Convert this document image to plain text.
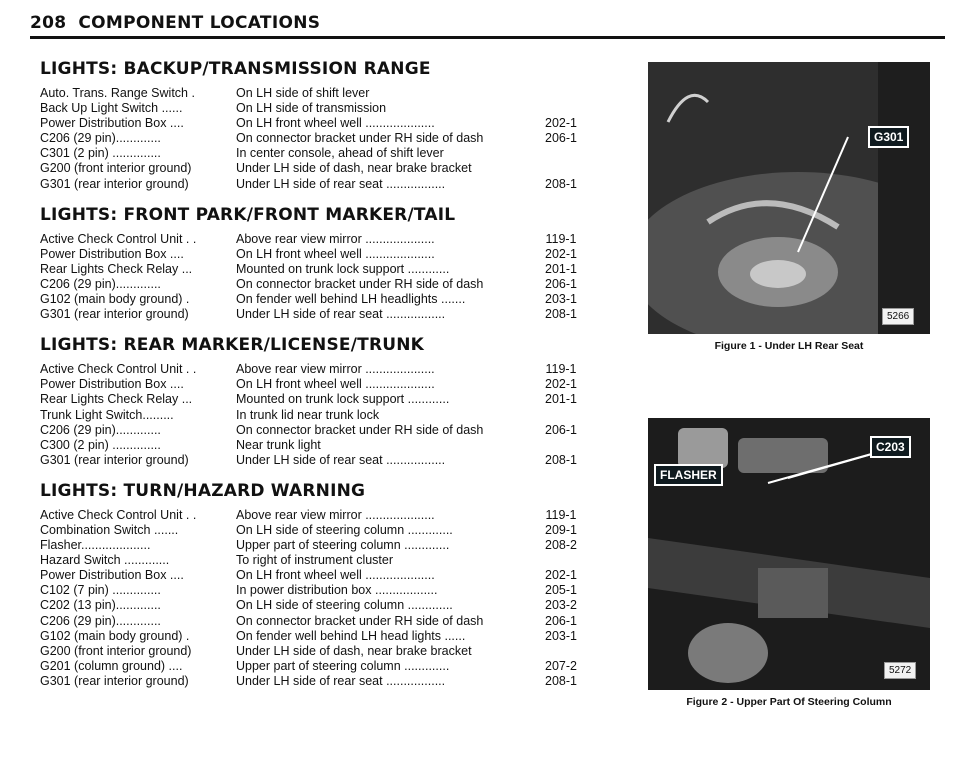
208 COMPONENT LOCATIONS
LIGHTS: BACKUP/TRANSMISSION RANGE
Auto. Trans. Range Switch .	On LH side of shift lever
Back Up Light Switch ......	On LH side of transmission
Power Distribution Box ....	On LH front wheel well ....................	202-1
C206 (29 pin).............	On connector bracket under RH side of dash	206-1
C301 (2 pin) ..............	In center console, ahead of shift lever
G200 (front interior ground)	Under LH side of dash, near brake bracket
G301 (rear interior ground)	Under LH side of rear seat .................	208-1
LIGHTS: FRONT PARK/FRONT MARKER/TAIL
Active Check Control Unit . .	Above rear view mirror ....................	119-1
Power Distribution Box ....	On LH front wheel well ....................	202-1
Rear Lights Check Relay ...	Mounted on trunk lock support ............	201-1
C206 (29 pin).............	On connector bracket under RH side of dash	206-1
G102 (main body ground) .	On fender well behind LH headlights .......	203-1
G301 (rear interior ground)	Under LH side of rear seat .................	208-1
LIGHTS: REAR MARKER/LICENSE/TRUNK
Active Check Control Unit . .	Above rear view mirror ....................	119-1
Power Distribution Box ....	On LH front wheel well ....................	202-1
Rear Lights Check Relay ...	Mounted on trunk lock support ............	201-1
Trunk Light Switch.........	In trunk lid near trunk lock
C206 (29 pin).............	On connector bracket under RH side of dash	206-1
C300 (2 pin) ..............	Near trunk light
G301 (rear interior ground)	Under LH side of rear seat .................	208-1
LIGHTS: TURN/HAZARD WARNING
Active Check Control Unit . .	Above rear view mirror ....................	119-1
Combination Switch .......	On LH side of steering column .............	209-1
Flasher....................	Upper part of steering column .............	208-2
Hazard Switch .............	To right of instrument cluster
Power Distribution Box ....	On LH front wheel well ....................	202-1
C102 (7 pin) ..............	In power distribution box ..................	205-1
C202 (13 pin).............	On LH side of steering column .............	203-2
C206 (29 pin).............	On connector bracket under RH side of dash	206-1
G102 (main body ground) .	On fender well behind LH head lights ......	203-1
G200 (front interior ground)	Under LH side of dash, near brake bracket
G201 (column ground) ....	Upper part of steering column .............	207-2
G301 (rear interior ground)	Under LH side of rear seat .................	208-1
G301
5266
Figure 1 - Under LH Rear Seat
C203
FLASHER
5272
Figure 2 - Upper Part Of Steering Column
